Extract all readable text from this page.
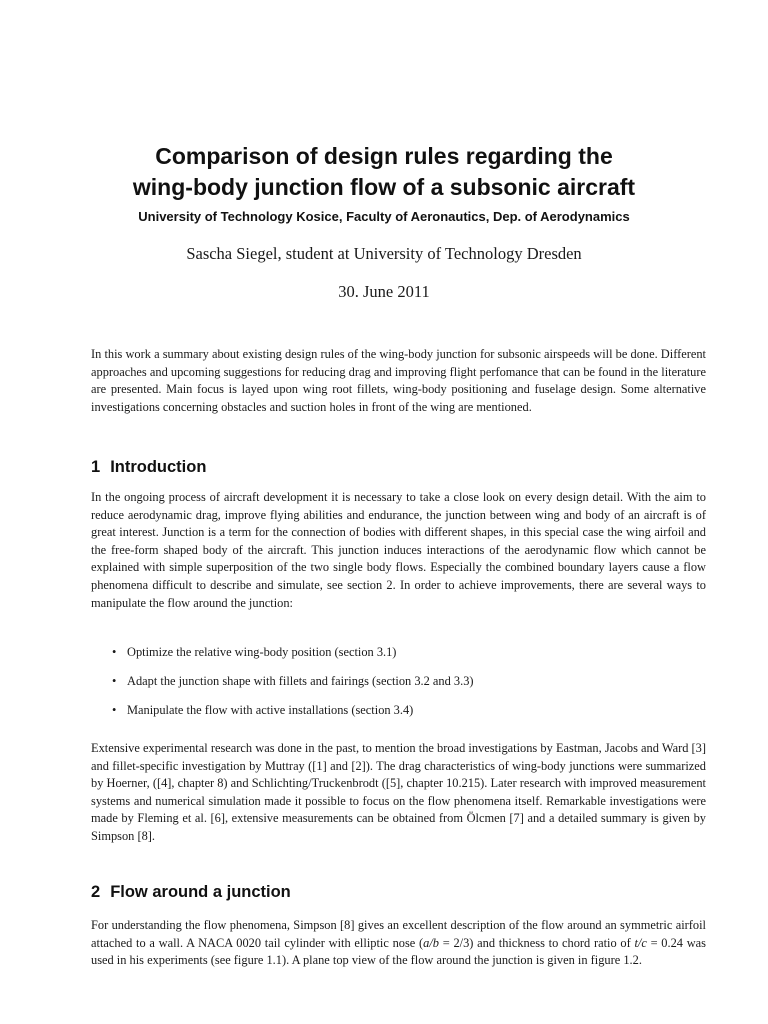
Comparison of design rules regarding the
wing-body junction flow of a subsonic aircraft
University of Technology Kosice, Faculty of Aeronautics, Dep. of Aerodynamics
Sascha Siegel, student at University of Technology Dresden
30. June 2011
In this work a summary about existing design rules of the wing-body junction for subsonic airspeeds will be done. Different approaches and upcoming suggestions for reducing drag and improving flight perfomance that can be found in the literature are presented. Main focus is layed upon wing root fillets, wing-body positioning and fuselage design. Some alternative investigations concerning obstacles and suction holes in front of the wing are mentioned.
1 Introduction
In the ongoing process of aircraft development it is necessary to take a close look on every design detail. With the aim to reduce aerodynamic drag, improve flying abilities and endurance, the junction between wing and body of an aircraft is of great interest. Junction is a term for the connection of bodies with different shapes, in this special case the wing airfoil and the free-form shaped body of the aircraft. This junction induces interactions of the aerodynamic flow which cannot be explained with simple superposition of the two single body flows. Especially the combined boundary layers cause a flow phenomena difficult to describe and simulate, see section 2. In order to achieve improvements, there are several ways to manipulate the flow around the junction:
• Optimize the relative wing-body position (section 3.1)
• Adapt the junction shape with fillets and fairings (section 3.2 and 3.3)
• Manipulate the flow with active installations (section 3.4)
Extensive experimental research was done in the past, to mention the broad investigations by Eastman, Jacobs and Ward [3] and fillet-specific investigation by Muttray ([1] and [2]). The drag characteristics of wing-body junctions were summarized by Hoerner, ([4], chapter 8) and Schlichting/Truckenbrodt ([5], chapter 10.215). Later research with improved measurement systems and numerical simulation made it possible to focus on the flow phenomena itself. Remarkable investigations were made by Fleming et al. [6], extensive measurements can be obtained from Ölcmen [7] and a detailed summary is given by Simpson [8].
2 Flow around a junction
For understanding the flow phenomena, Simpson [8] gives an excellent description of the flow around an symmetric airfoil attached to a wall. A NACA 0020 tail cylinder with elliptic nose (a/b = 2/3) and thickness to chord ratio of t/c = 0.24 was used in his experiments (see figure 1.1). A plane top view of the flow around the junction is given in figure 1.2.
